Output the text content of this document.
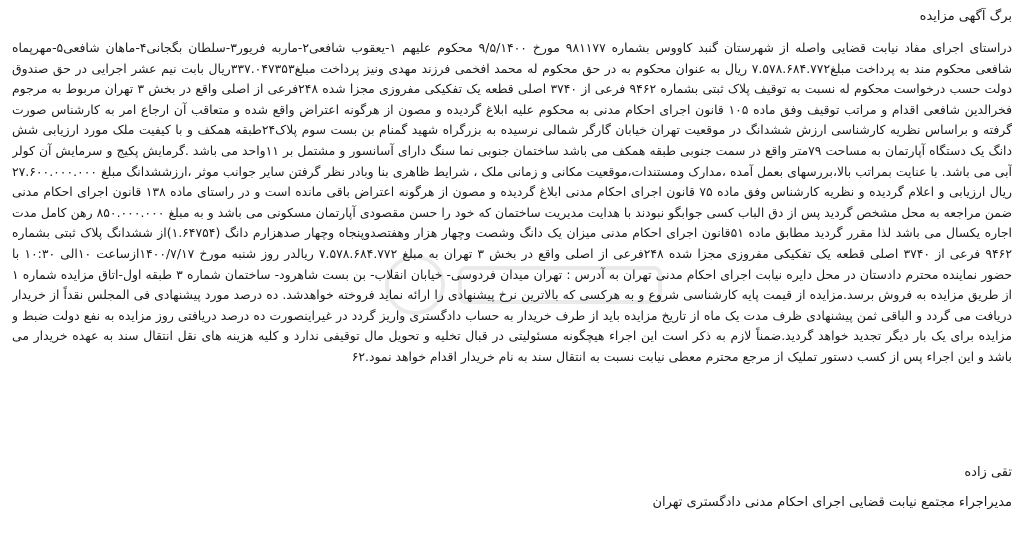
برگ آگهی مزایده

دراستای اجرای مفاد نیابت قضایی واصله از شهرستان گنبد کاووس بشماره ۹۸۱۱۷۷ مورخ ۹/۵/۱۴۰۰ محکوم علیهم ۱-یعقوب شافعی۲-ماربه فریور۳-سلطان بگجانی۴-ماهان شافعی۵-مهرپماه شافعی محکوم مند به پرداخت مبلغ۷.۵۷۸.۶۸۴.۷۷۲ ریال به عنوان محکوم به در حق محکوم له محمد افخمی فرزند مهدی ونیز پرداخت مبلغ۳۳۷.۰۴۷۳۵۳ریال بابت نیم عشر اجرایی در حق صندوق دولت حسب درخواست محکوم له نسبت به توقیف پلاک ثبتی بشماره ۹۴۶۲ فرعی از ۳۷۴۰ اصلی قطعه یک تفکیکی مفروزی مجزا شده ۲۴۸فرعی از اصلی واقع در بخش ۳ تهران مربوط به مرجوم فخرالدین شافعی اقدام و مراتب توقیف وفق ماده ۱۰۵ قانون اجرای احکام مدنی به محکوم علیه ابلاغ گردیده و مصون از هرگونه اعتراض واقع شده و متعاقب آن ارجاع امر به کارشناس صورت گرفته و براساس نظریه کارشناسی ارزش ششدانگ در موقعیت تهران خیابان گارگر شمالی نرسیده به بزرگراه شهید گمنام بن بست سوم پلاک۲۴طبقه همکف و با کیفیت ملک مورد ارزیابی شش دانگ یک دستگاه آپارتمان به مساحت ۷۹متر واقع در سمت جنوبی طبقه همکف می باشد ساختمان جنوبی نما سنگ دارای آسانسور و مشتمل بر ۱۱واحد می باشد .گرمایش پکیج و سرمایش آن کولر آبی می باشد. با عنایت بمراتب بالا،بررسهای بعمل آمده ،مدارک ومستندات،موقعیت مکانی و زمانی ملک ، شرایط ظاهری بنا وبادر نظر گرفتن سایر جوانب موثر ،ارزششدانگ مبلغ ۲۷.۶۰۰.۰۰۰.۰۰۰ ریال ارزیابی و اعلام گردیده و نظریه کارشناس وفق ماده ۷۵ قانون اجرای احکام مدنی ابلاغ گردیده و مصون از هرگونه اعتراض باقی مانده است و در راستای ماده ۱۳۸ قانون اجرای احکام مدنی ضمن مراجعه به محل مشخص گردید پس از دق الباب کسی جوابگو نبودند با هدایت مدیریت ساختمان که خود را حسن مقصودی آپارتمان مسکونی می باشد و به مبلغ ۸۵۰.۰۰۰.۰۰۰ رهن کامل مدت اجاره یکسال می باشد لذا مقرر گردید مطابق ماده ۵۱قانون اجرای احکام مدنی میزان یک دانگ وشصت وچهار هزار وهفتصدوپنجاه وچهار صدهزارم دانگ (۱.۶۴۷۵۴)از ششدانگ پلاک ثبتی بشماره ۹۴۶۲ فرعی از ۳۷۴۰ اصلی قطعه یک تفکیکی مفروزی مجزا شده ۲۴۸فرعی از اصلی واقع در بخش ۳ تهران به مبلغ ۷.۵۷۸.۶۸۴.۷۷۲ ریالدر روز شنبه مورخ ۱۴۰۰/۷/۱۷ازساعت ۱۰الی ۱۰:۳۰ با حضور نماینده محترم دادستان در محل دایره نیابت اجرای احکام مدنی تهران به آدرس : تهران میدان فردوسی- خیابان انقلاب- بن بست شاهرود- ساختمان شماره ۳ طبقه اول-اتاق مزایده شماره ۱ از طریق مزایده به فروش برسد.مزایده از قیمت پایه کارشناسی شروع و به هرکسی که بالاترین نرخ پیشنهادی را ارائه نماید فروخته خواهدشد. ده درصد مورد پیشنهادی فی المجلس نقداً از خریدار دریافت می گردد و الباقی ثمن پیشنهادی ظرف مدت یک ماه از تاریخ مزایده باید از طرف خریدار به حساب دادگستری واریز گردد در غیراینصورت ده درصد دریافتی روز مزایده به نفع دولت ضبط و مزایده برای یک بار دیگر تجدید خواهد گردید.ضمناً لازم به ذکر است این اجراء هیچگونه مسئولیتی در قبال تخلیه و تحویل مال توقیفی ندارد و کلیه هزینه های نقل انتقال سند به عهده خریدار می باشد و این اجراء پس از کسب دستور تملیک از مرجع محترم معطی نیابت نسبت به انتقال سند به نام خریدار اقدام خواهد نمود.۶۲

تقی زاده
مدیراجراء مجتمع نیابت قضایی اجرای احکام مدنی دادگستری تهران
